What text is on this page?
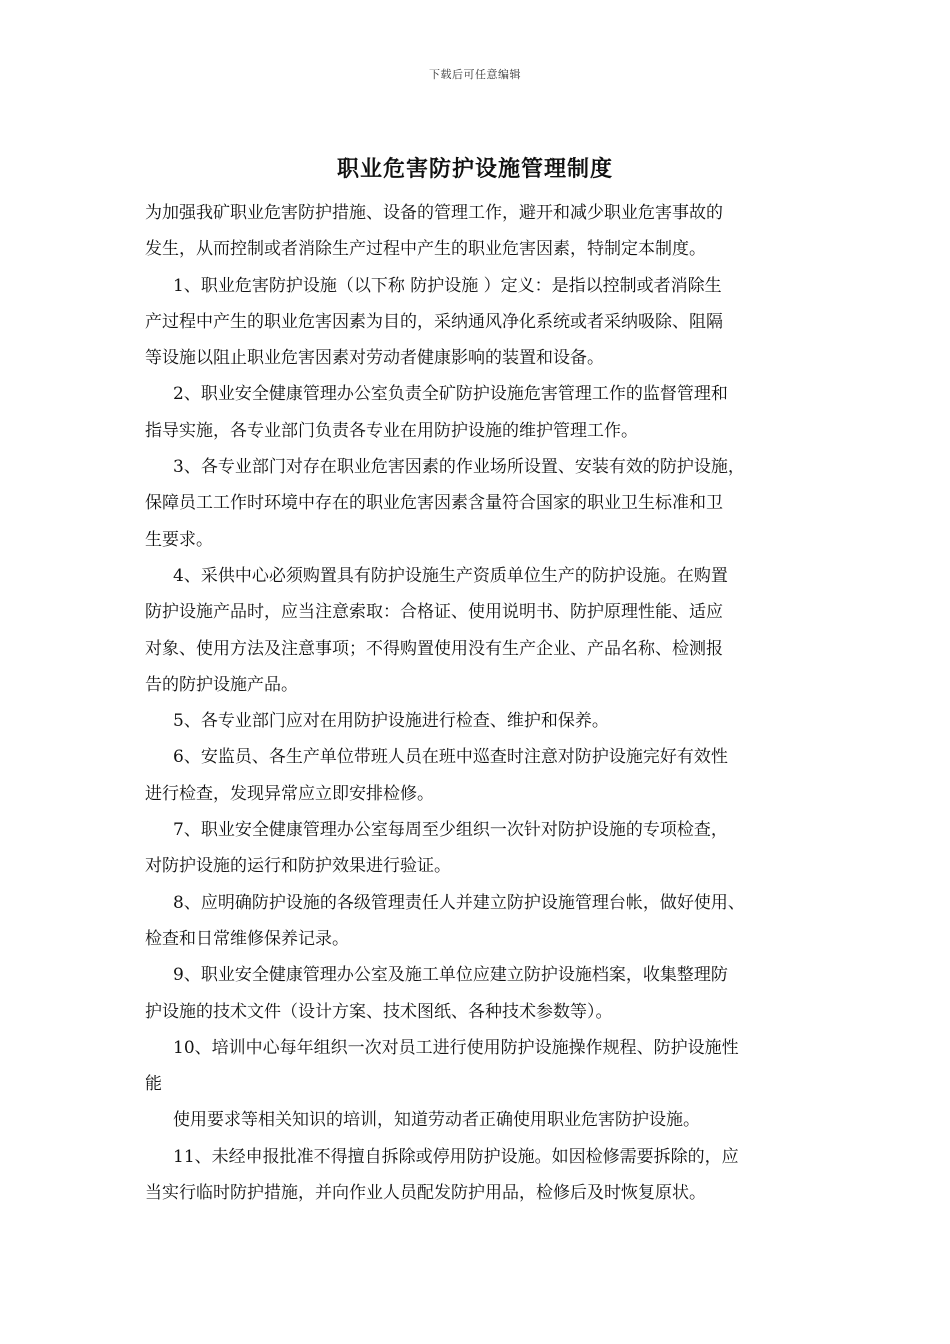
下载后可任意编辑
职业危害防护设施管理制度
为加强我矿职业危害防护措施、设备的管理工作，避开和减少职业危害事故的
发生，从而控制或者消除生产过程中产生的职业危害因素，特制定本制度。
1、职业危害防护设施（以下称 防护设施 ）定义：是指以控制或者消除生
产过程中产生的职业危害因素为目的，采纳通风净化系统或者采纳吸除、阻隔
等设施以阻止职业危害因素对劳动者健康影响的装置和设备。
2、职业安全健康管理办公室负责全矿防护设施危害管理工作的监督管理和
指导实施，各专业部门负责各专业在用防护设施的维护管理工作。
3、各专业部门对存在职业危害因素的作业场所设置、安装有效的防护设施，
保障员工工作时环境中存在的职业危害因素含量符合国家的职业卫生标准和卫
生要求。
4、采供中心必须购置具有防护设施生产资质单位生产的防护设施。在购置
防护设施产品时，应当注意索取：合格证、使用说明书、防护原理性能、适应
对象、使用方法及注意事项；不得购置使用没有生产企业、产品名称、检测报
告的防护设施产品。
5、各专业部门应对在用防护设施进行检查、维护和保养。
6、安监员、各生产单位带班人员在班中巡查时注意对防护设施完好有效性
进行检查，发现异常应立即安排检修。
7、职业安全健康管理办公室每周至少组织一次针对防护设施的专项检查，
对防护设施的运行和防护效果进行验证。
8、应明确防护设施的各级管理责任人并建立防护设施管理台帐，做好使用、
检查和日常维修保养记录。
9、职业安全健康管理办公室及施工单位应建立防护设施档案，收集整理防
护设施的技术文件（设计方案、技术图纸、各种技术参数等）。
10、培训中心每年组织一次对员工进行使用防护设施操作规程、防护设施性
能
使用要求等相关知识的培训，知道劳动者正确使用职业危害防护设施。
11、未经申报批准不得擅自拆除或停用防护设施。如因检修需要拆除的，应
当实行临时防护措施，并向作业人员配发防护用品，检修后及时恢复原状。
